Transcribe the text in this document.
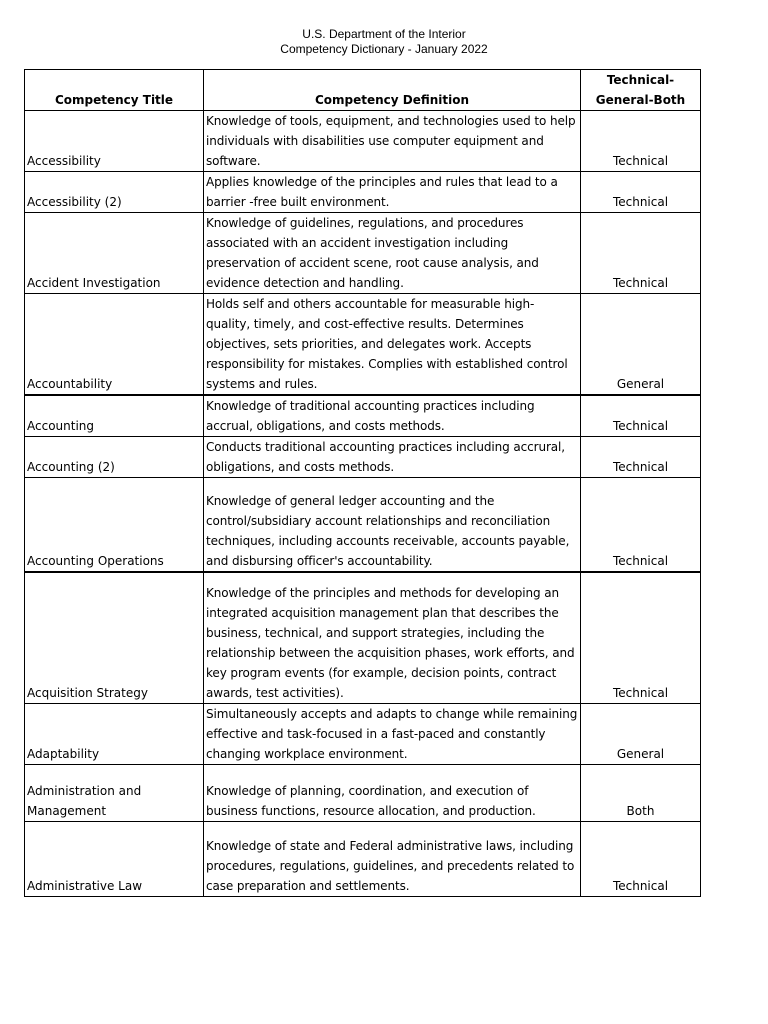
U.S. Department of the Interior
Competency Dictionary - January 2022
Competency Title	Competency Definition	Technical-General-Both
Accessibility	Knowledge of tools, equipment, and technologies used to help individuals with disabilities use computer equipment and software.	Technical
Accessibility (2)	Applies knowledge of the principles and rules that lead to a barrier -free built environment.	Technical
Accident Investigation	Knowledge of guidelines, regulations, and procedures associated with an accident investigation including preservation of accident scene, root cause analysis, and evidence detection and handling.	Technical
Accountability	Holds self and others accountable for measurable high-quality, timely, and cost-effective results. Determines objectives, sets priorities, and delegates work. Accepts responsibility for mistakes. Complies with established control systems and rules.	General
Accounting	Knowledge of traditional accounting practices including accrual, obligations, and costs methods.	Technical
Accounting (2)	Conducts traditional accounting practices including accrural, obligations, and costs methods.	Technical
Accounting Operations	Knowledge of general ledger accounting and the control/subsidiary account relationships and reconciliation techniques, including accounts receivable, accounts payable, and disbursing officer's accountability.	Technical
Acquisition Strategy	Knowledge of the principles and methods for developing an integrated acquisition management plan that describes the business, technical, and support strategies, including the relationship between the acquisition phases, work efforts, and key program events (for example, decision points, contract awards, test activities).	Technical
Adaptability	Simultaneously accepts and adapts to change while remaining effective and task-focused in a fast-paced and constantly changing workplace environment.	General
Administration and Management	Knowledge of planning, coordination, and execution of business functions, resource allocation, and production.	Both
Administrative Law	Knowledge of state and Federal administrative laws, including procedures, regulations, guidelines, and precedents related to case preparation and settlements.	Technical
